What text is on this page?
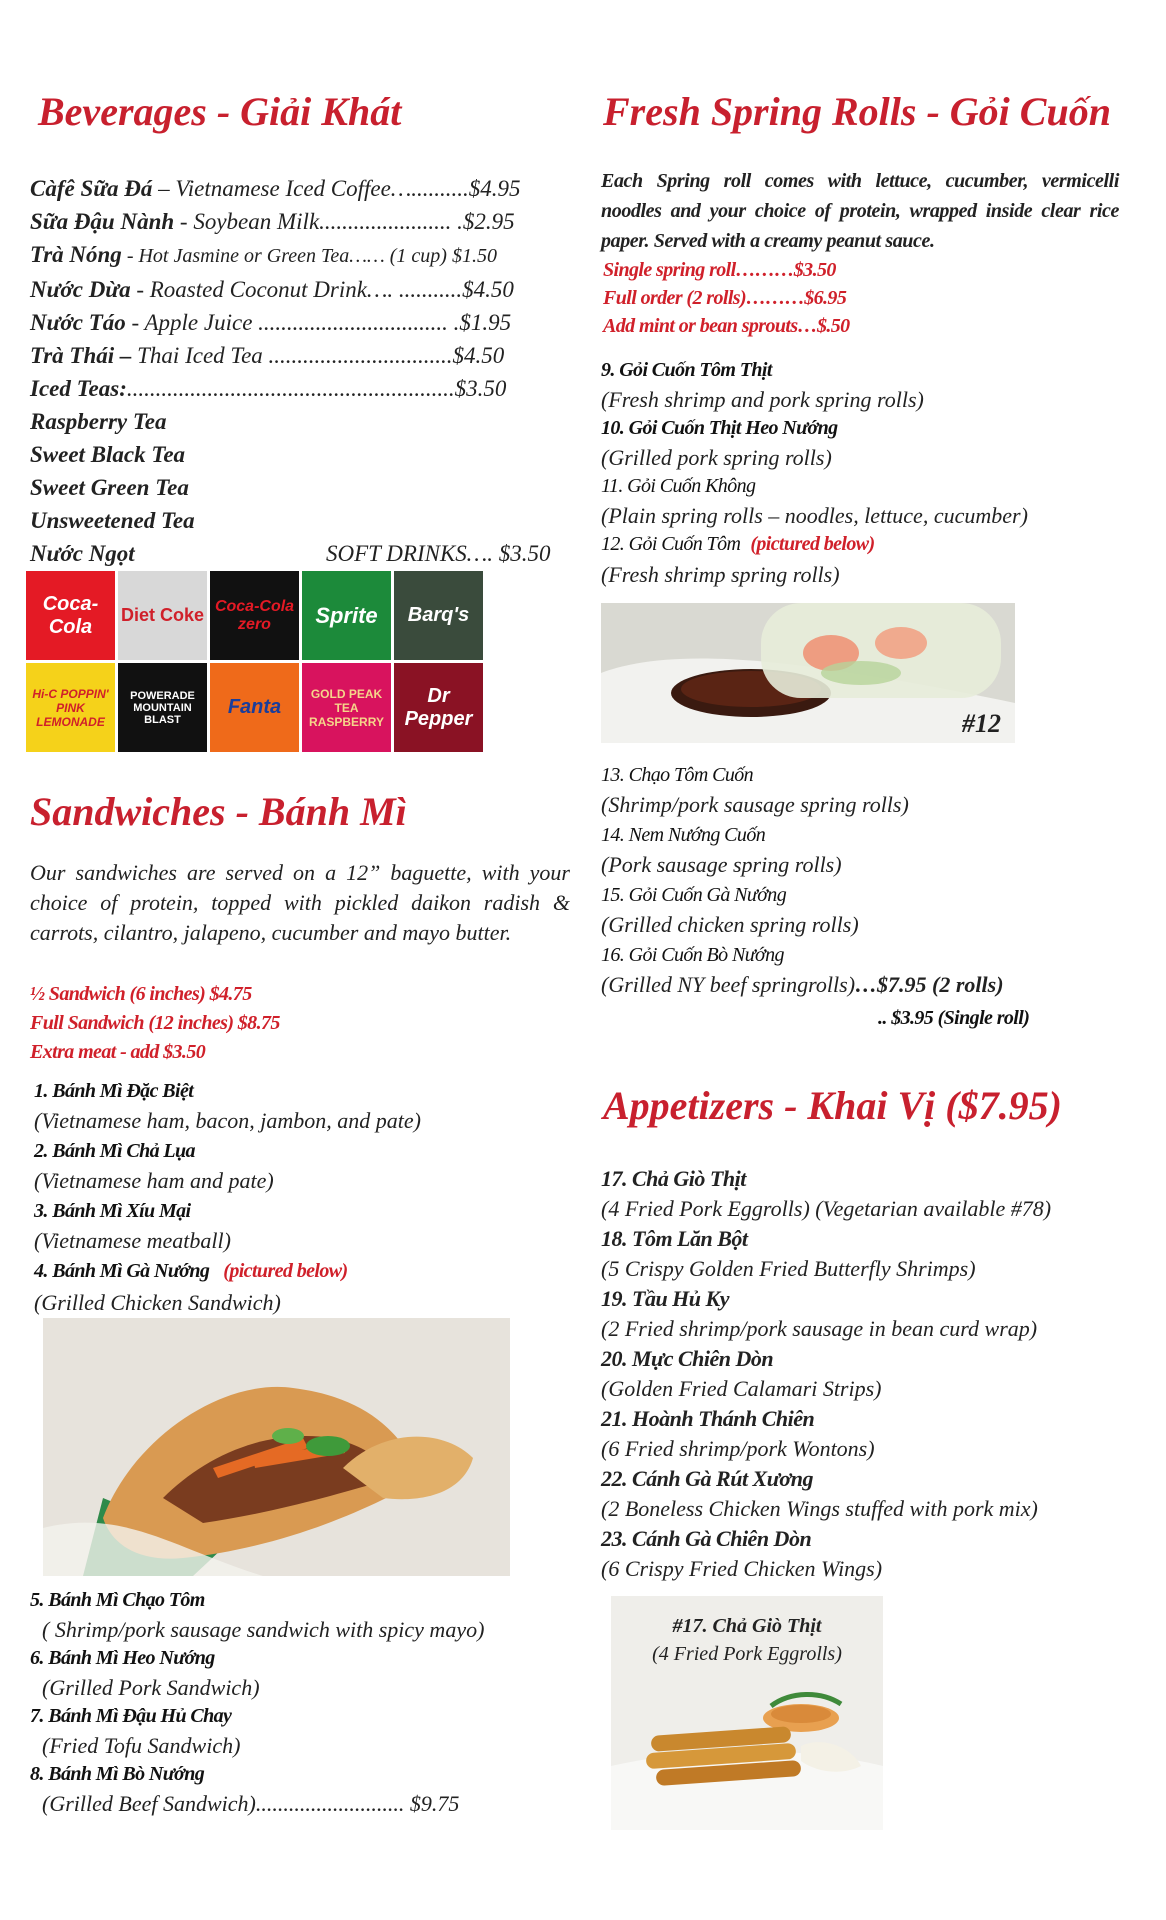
Beverages - Giải Khát
Càfê Sữa Đá – Vietnamese Iced Coffee…..........$4.95
Sữa Đậu Nành - Soybean Milk....................... .$2.95
Trà Nóng - Hot Jasmine or Green Tea…… (1 cup) $1.50
Nước Dừa - Roasted Coconut Drink…. ...........$4.50
Nước Táo - Apple Juice ................................. .$1.95
Trà Thái – Thai Iced Tea ................................$4.50
Iced Teas:.........................................................$3.50
Raspberry Tea
Sweet Black Tea
Sweet Green Tea
Unsweetened Tea
Nước Ngọt	SOFT DRINKS…. $3.50
Coca-Cola
Diet Coke Coca-Cola zero	Sprite	Barq's
Hi-C POPPIN' PINK LEMONADE
POWERADE MOUNTAIN BLAST
Fanta
GOLD PEAK TEA RASPBERRY
Dr Pepper
Sandwiches - Bánh Mì
Our sandwiches are served on a 12” baguette, with your choice of protein, topped with pickled daikon radish & carrots, cilantro, jalapeno, cucumber and mayo butter.
½ Sandwich (6 inches) $4.75
Full Sandwich (12 inches) $8.75
Extra meat - add $3.50
1. Bánh Mì Đặc Biệt
(Vietnamese ham, bacon, jambon, and pate)
2. Bánh Mì Chả Lụa
(Vietnamese ham and pate)
3. Bánh Mì Xíu Mại
(Vietnamese meatball)
4. Bánh Mì Gà Nướng (pictured below)
(Grilled Chicken Sandwich)
5. Bánh Mì Chạo Tôm
( Shrimp/pork sausage sandwich with spicy mayo)
6. Bánh Mì Heo Nướng
(Grilled Pork Sandwich)
7. Bánh Mì Đậu Hủ Chay
(Fried Tofu Sandwich)
8. Bánh Mì Bò Nướng
(Grilled Beef Sandwich)........................... $9.75
Fresh Spring Rolls - Gỏi Cuốn
Each Spring roll comes with lettuce, cucumber, vermicelli noodles and your choice of protein, wrapped inside clear rice paper. Served with a creamy peanut sauce.
Single spring roll………$3.50
Full order (2 rolls)………$6.95
Add mint or bean sprouts…$.50
9. Gỏi Cuốn Tôm Thịt
(Fresh shrimp and pork spring rolls)
10. Gỏi Cuốn Thịt Heo Nướng
(Grilled pork spring rolls)
11. Gỏi Cuốn Không
(Plain spring rolls – noodles, lettuce, cucumber)
12. Gỏi Cuốn Tôm (pictured below)
(Fresh shrimp spring rolls)
#12
13. Chạo Tôm Cuốn
(Shrimp/pork sausage spring rolls)
14. Nem Nướng Cuốn
(Pork sausage spring rolls)
15. Gỏi Cuốn Gà Nướng
(Grilled chicken spring rolls)
16. Gỏi Cuốn Bò Nướng
(Grilled NY beef springrolls)…$7.95 (2 rolls)
.. $3.95 (Single roll)
Appetizers - Khai Vị ($7.95)
17. Chả Giò Thịt
(4 Fried Pork Eggrolls) (Vegetarian available #78)
18. Tôm Lăn Bột
(5 Crispy Golden Fried Butterfly Shrimps)
19. Tầu Hủ Ky
(2 Fried shrimp/pork sausage in bean curd wrap)
20. Mực Chiên Dòn
(Golden Fried Calamari Strips)
21. Hoành Thánh Chiên
(6 Fried shrimp/pork Wontons)
22. Cánh Gà Rút Xương
(2 Boneless Chicken Wings stuffed with pork mix)
23. Cánh Gà Chiên Dòn
(6 Crispy Fried Chicken Wings)
#17. Chả Giò Thịt
(4 Fried Pork Eggrolls)
